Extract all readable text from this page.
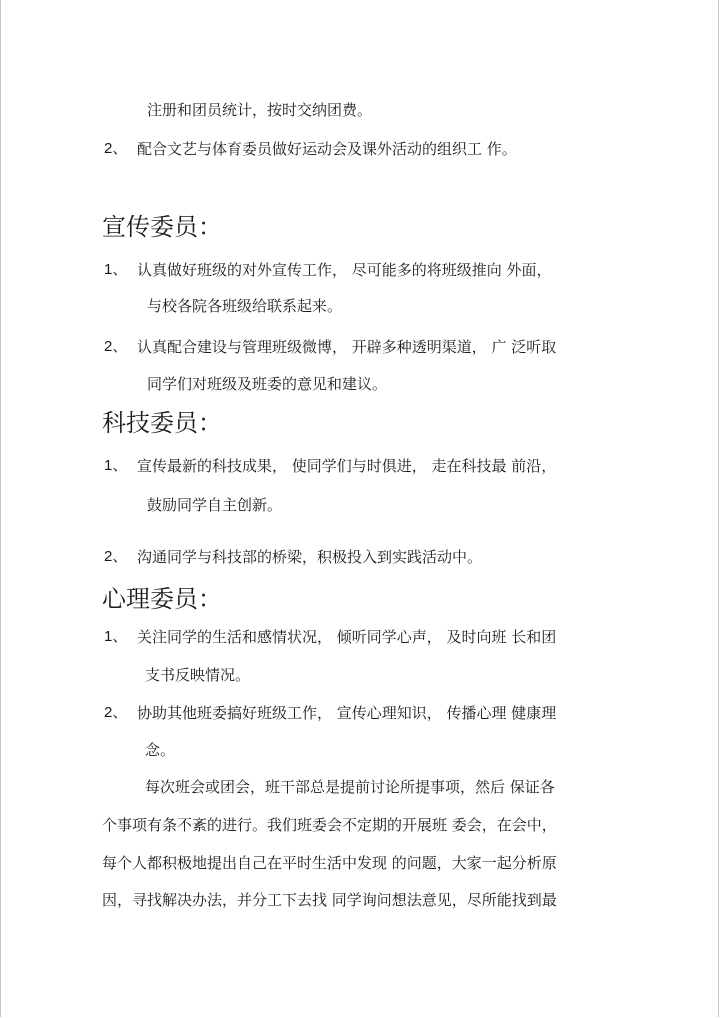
注册和团员统计，按时交纳团费。
2、 配合文艺与体育委员做好运动会及课外活动的组织工 作。
宣传委员：
1、 认真做好班级的对外宣传工作， 尽可能多的将班级推向 外面，
与校各院各班级给联系起来。
2、 认真配合建设与管理班级微博， 开辟多种透明渠道， 广 泛听取
同学们对班级及班委的意见和建议。
科技委员：
1、 宣传最新的科技成果， 使同学们与时俱进， 走在科技最 前沿，
鼓励同学自主创新。
2、 沟通同学与科技部的桥梁，积极投入到实践活动中。
心理委员：
1、 关注同学的生活和感情状况， 倾听同学心声， 及时向班 长和团
支书反映情况。
2、 协助其他班委搞好班级工作， 宣传心理知识， 传播心理 健康理
念。
每次班会或团会，班干部总是提前讨论所提事项，然后 保证各
个事项有条不紊的进行。我们班委会不定期的开展班 委会，在会中，
每个人都积极地提出自己在平时生活中发现 的问题，大家一起分析原
因，寻找解决办法，并分工下去找 同学询问想法意见，尽所能找到最
